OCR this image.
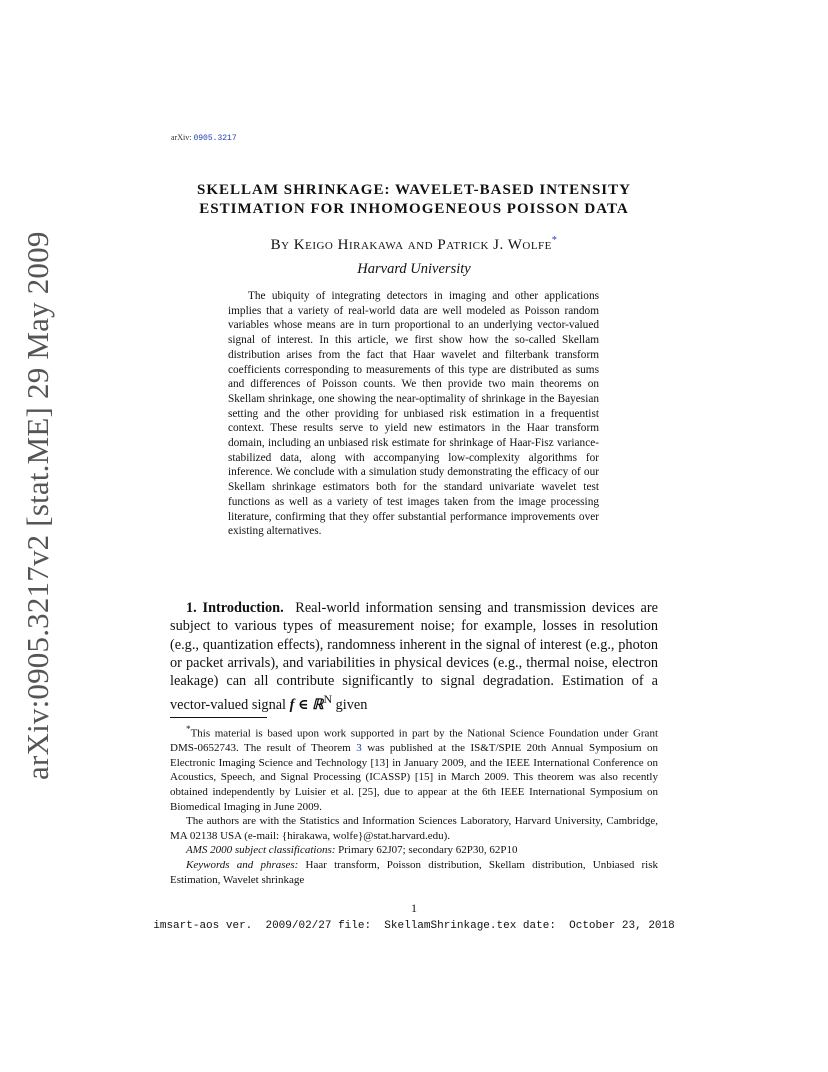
arXiv:0905.3217v2 [stat.ME] 29 May 2009
arXiv: 0905.3217
SKELLAM SHRINKAGE: WAVELET-BASED INTENSITY
ESTIMATION FOR INHOMOGENEOUS POISSON DATA
By Keigo Hirakawa and Patrick J. Wolfe*
Harvard University

The ubiquity of integrating detectors in imaging and other applications implies that a variety of real-world data are well modeled as Poisson random variables whose means are in turn proportional to an underlying vector-valued signal of interest. In this article, we first show how the so-called Skellam distribution arises from the fact that Haar wavelet and filterbank transform coefficients corresponding to measurements of this type are distributed as sums and differences of Poisson counts. We then provide two main theorems on Skellam shrinkage, one showing the near-optimality of shrinkage in the Bayesian setting and the other providing for unbiased risk estimation in a frequentist context. These results serve to yield new estimators in the Haar transform domain, including an unbiased risk estimate for shrinkage of Haar-Fisz variance-stabilized data, along with accompanying low-complexity algorithms for inference. We conclude with a simulation study demonstrating the efficacy of our Skellam shrinkage estimators both for the standard univariate wavelet test functions as well as a variety of test images taken from the image processing literature, confirming that they offer substantial performance improvements over existing alternatives.

1. Introduction. Real-world information sensing and transmission devices are subject to various types of measurement noise; for example, losses in resolution (e.g., quantization effects), randomness inherent in the signal of interest (e.g., photon or packet arrivals), and variabilities in physical devices (e.g., thermal noise, electron leakage) can all contribute significantly to signal degradation. Estimation of a vector-valued signal f ∈ ℝ$^N$ given

*This material is based upon work supported in part by the National Science Foundation under Grant DMS-0652743. The result of Theorem 3 was published at the IS&T/SPIE 20th Annual Symposium on Electronic Imaging Science and Technology [13] in January 2009, and the IEEE International Conference on Acoustics, Speech, and Signal Processing (ICASSP) [15] in March 2009. This theorem was also recently obtained independently by Luisier et al. [25], due to appear at the 6th IEEE International Symposium on Biomedical Imaging in June 2009.

The authors are with the Statistics and Information Sciences Laboratory, Harvard University, Cambridge, MA 02138 USA (e-mail: {hirakawa, wolfe}@stat.harvard.edu).

AMS 2000 subject classifications: Primary 62J07; secondary 62P30, 62P10

Keywords and phrases: Haar transform, Poisson distribution, Skellam distribution, Unbiased risk Estimation, Wavelet shrinkage

1
imsart-aos ver.  2009/02/27 file:  SkellamShrinkage.tex date:  October 23, 2018
